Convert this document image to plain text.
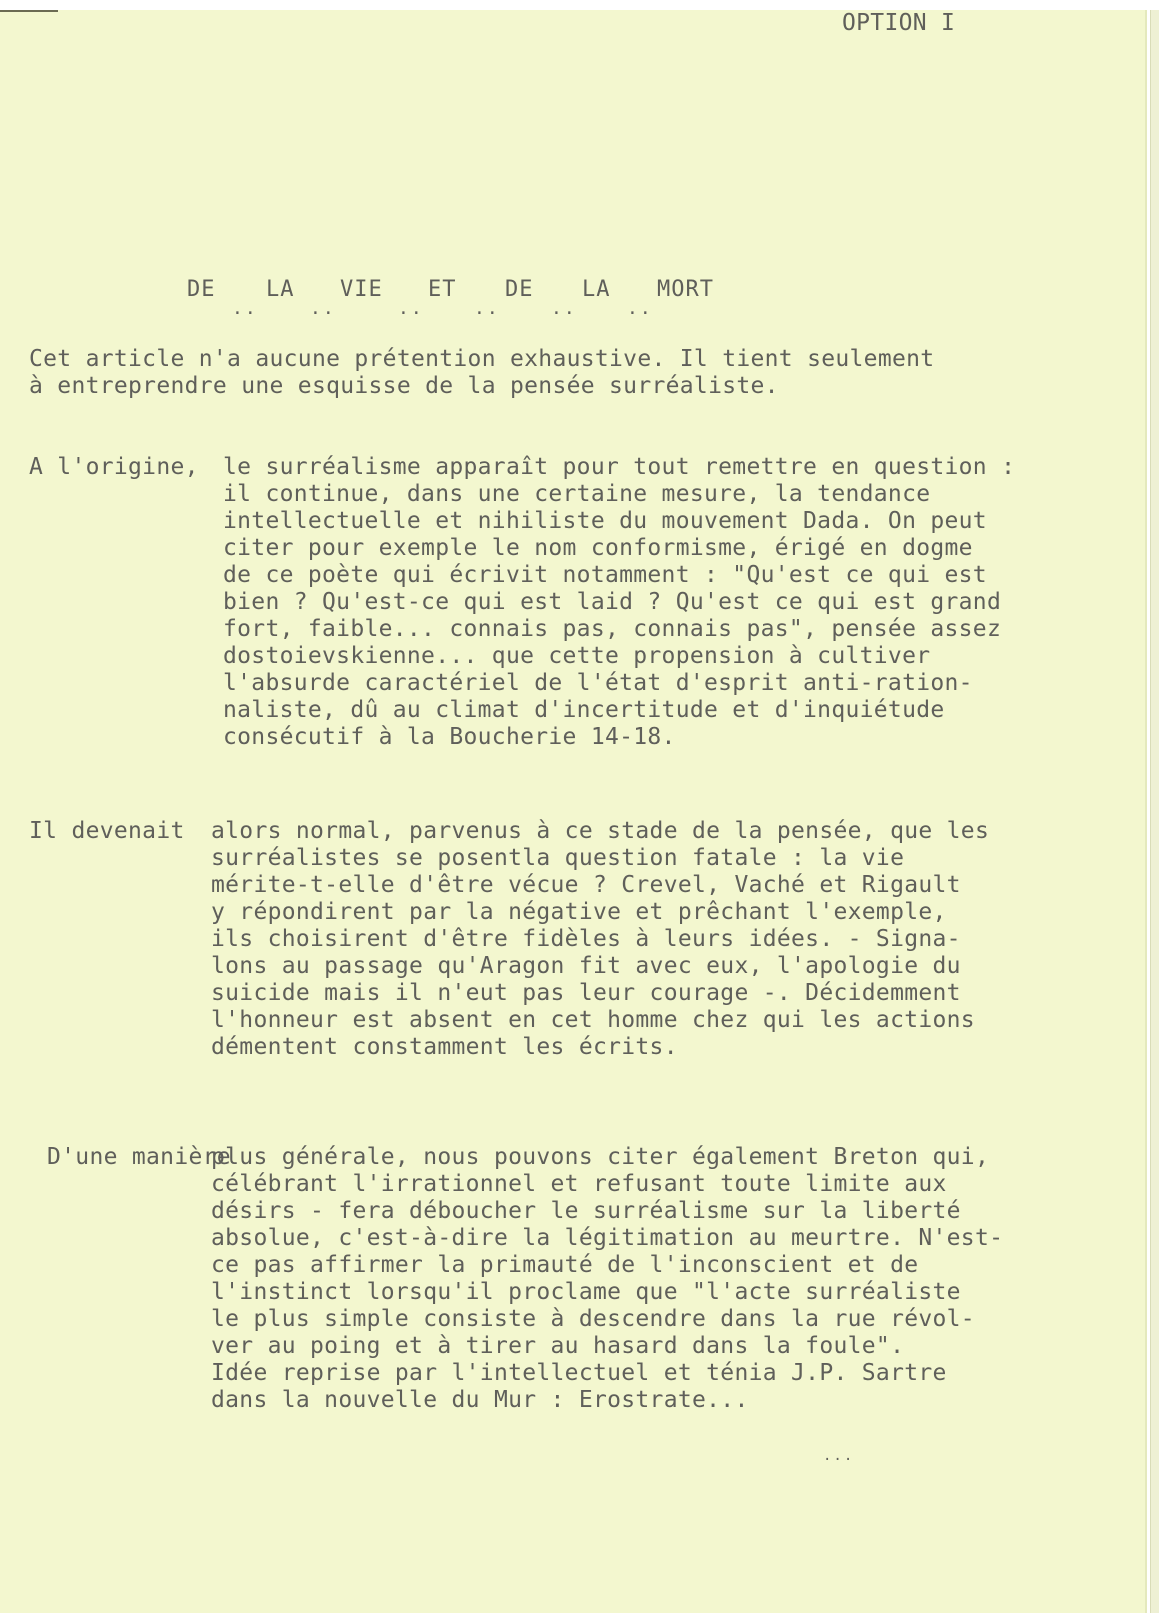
OPTION I
DE LA VIE ET DE LA MORT
..	..	..	..	..	..

Cet article n'a aucune prétention exhaustive. Il tient seulement
à entreprendre une esquisse de la pensée surréaliste.

A l'origine, le surréalisme apparaît pour tout remettre en question :
il continue, dans une certaine mesure, la tendance
intellectuelle et nihiliste du mouvement Dada. On peut
citer pour exemple le nom conformisme, érigé en dogme
de ce poète qui écrivit notamment : "Qu'est ce qui est
bien ? Qu'est-ce qui est laid ? Qu'est ce qui est grand
fort, faible... connais pas, connais pas", pensée assez
dostoievskienne... que cette propension à cultiver
l'absurde caractériel de l'état d'esprit anti-ration-
naliste, dû au climat d'incertitude et d'inquiétude
consécutif à la Boucherie 14-18.

Il devenait alors normal, parvenus à ce stade de la pensée, que les
surréalistes se posentla question fatale : la vie
mérite-t-elle d'être vécue ? Crevel, Vaché et Rigault
y répondirent par la négative et prêchant l'exemple,
ils choisirent d'être fidèles à leurs idées. - Signa-
lons au passage qu'Aragon fit avec eux, l'apologie du
suicide mais il n'eut pas leur courage -. Décidemment
l'honneur est absent en cet homme chez qui les actions
démentent constamment les écrits.

D'une manière

plus générale, nous pouvons citer également Breton qui,
célébrant l'irrationnel et refusant toute limite aux
désirs - fera déboucher le surréalisme sur la liberté
absolue, c'est-à-dire la légitimation au meurtre. N'est-
ce pas affirmer la primauté de l'inconscient et de
l'instinct lorsqu'il proclame que "l'acte surréaliste
le plus simple consiste à descendre dans la rue révol-
ver au poing et à tirer au hasard dans la foule".
Idée reprise par l'intellectuel et ténia J.P. Sartre
dans la nouvelle du Mur : Erostrate...

...
